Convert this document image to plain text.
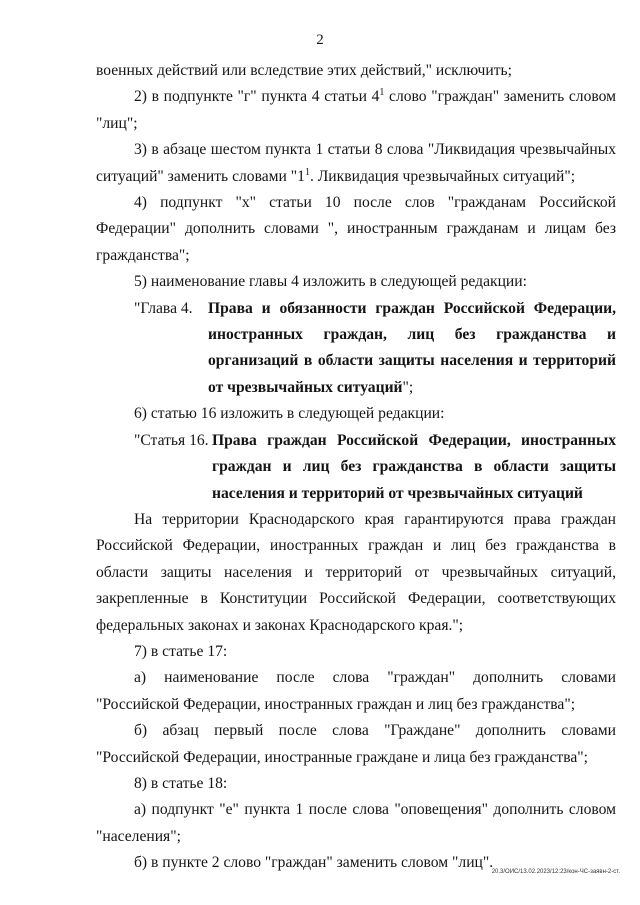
2

военных действий или вследствие этих действий," исключить;

2) в подпункте "г" пункта 4 статьи 4$^1$ слово "граждан" заменить словом "лиц";

3) в абзаце шестом пункта 1 статьи 8 слова "Ликвидация чрезвычайных ситуаций" заменить словами "1$^1$. Ликвидация чрезвычайных ситуаций";

4) подпункт "х" статьи 10 после слов "гражданам Российской Федерации" дополнить словами ", иностранным гражданам и лицам без гражданства";

5) наименование главы 4 изложить в следующей редакции:

"Глава 4. Права и обязанности граждан Российской Федерации, иностранных граждан, лиц без гражданства и организаций в области защиты населения и территорий от чрезвычайных ситуаций";

6) статью 16 изложить в следующей редакции:

"Статья 16. Права граждан Российской Федерации, иностранных граждан и лиц без гражданства в области защиты населения и территорий от чрезвычайных ситуаций

На территории Краснодарского края гарантируются права граждан Российской Федерации, иностранных граждан и лиц без гражданства в области защиты населения и территорий от чрезвычайных ситуаций, закрепленные в Конституции Российской Федерации, соответствующих федеральных законах и законах Краснодарского края.";

7) в статье 17:

а) наименование после слова "граждан" дополнить словами "Российской Федерации, иностранных граждан и лиц без гражданства";

б) абзац первый после слова "Граждане" дополнить словами "Российской Федерации, иностранные граждане и лица без гражданства";

8) в статье 18:

а) подпункт "е" пункта 1 после слова "оповещения" дополнить словом "населения";

б) в пункте 2 слово "граждан" заменить словом "лиц".

20.3/ОИС/13.02.2023/12:23/кон-ЧС-заявн-2-ст.
